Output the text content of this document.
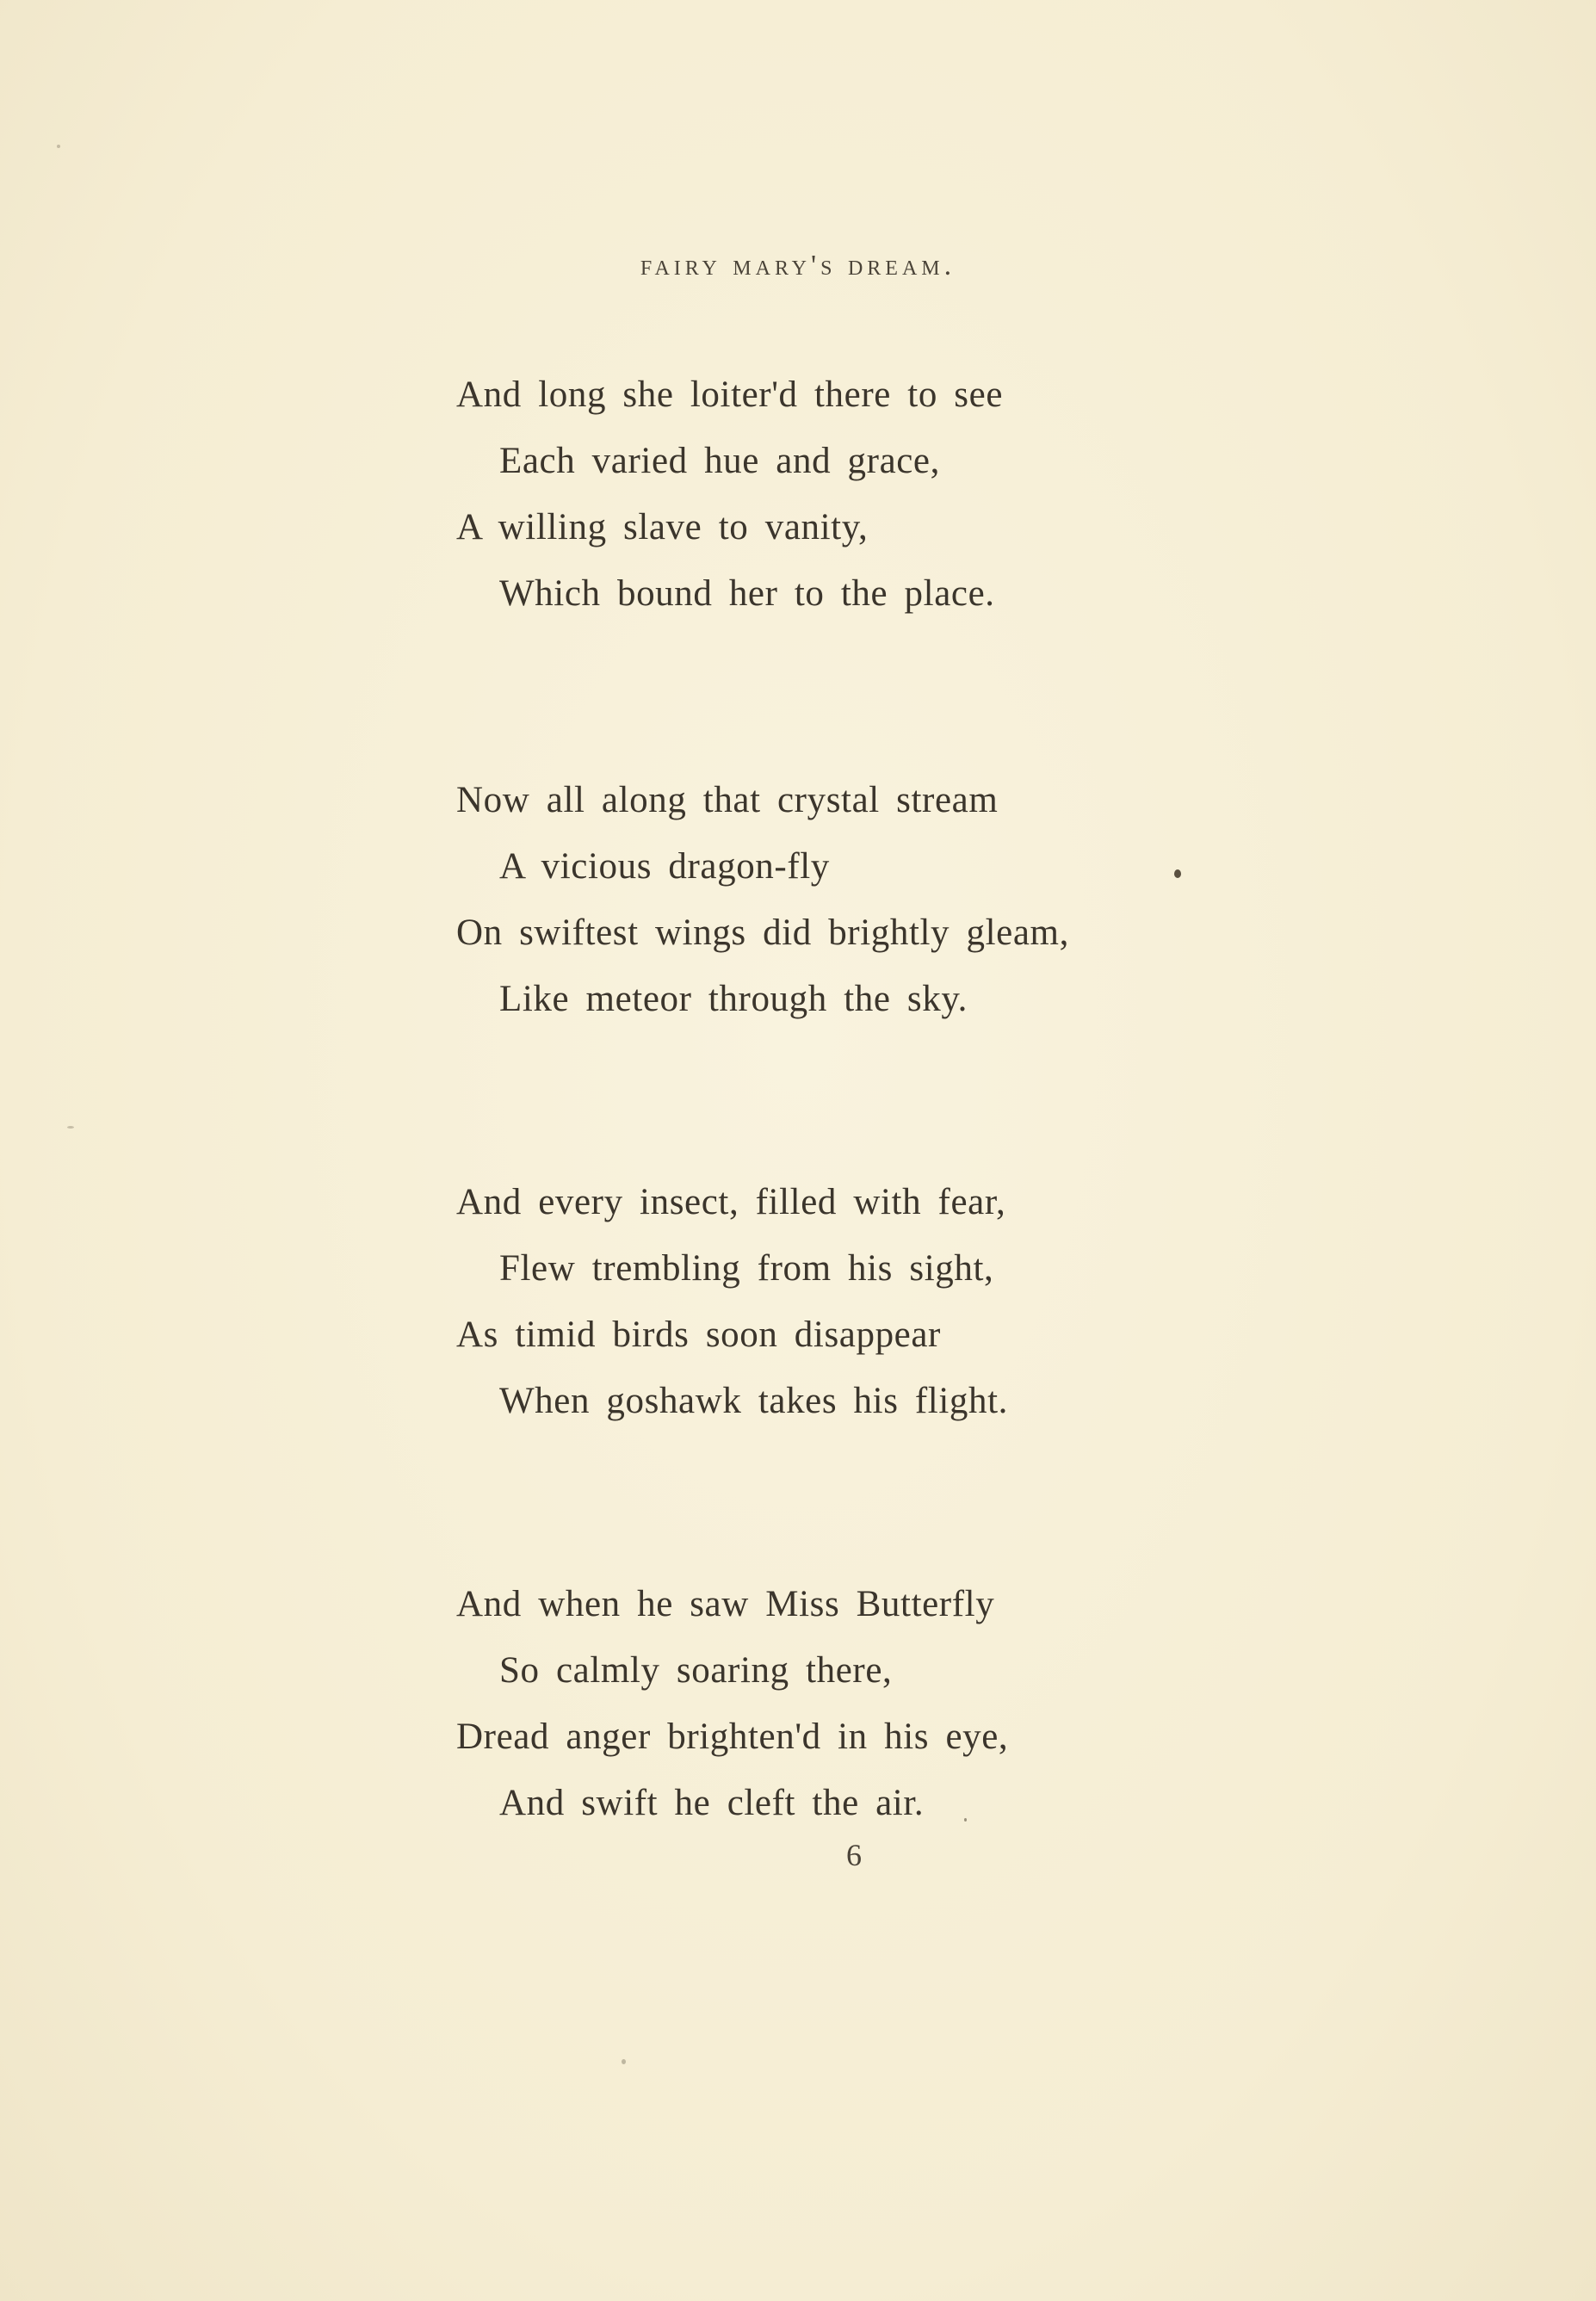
fairy mary's dream.
And long she loiter'd there to see
Each varied hue and grace,
A willing slave to vanity,
Which bound her to the place.
Now all along that crystal stream
A vicious dragon-fly
On swiftest wings did brightly gleam,
Like meteor through the sky.
And every insect, filled with fear,
Flew trembling from his sight,
As timid birds soon disappear
When goshawk takes his flight.
And when he saw Miss Butterfly
So calmly soaring there,
Dread anger brighten'd in his eye,
And swift he cleft the air.
6
